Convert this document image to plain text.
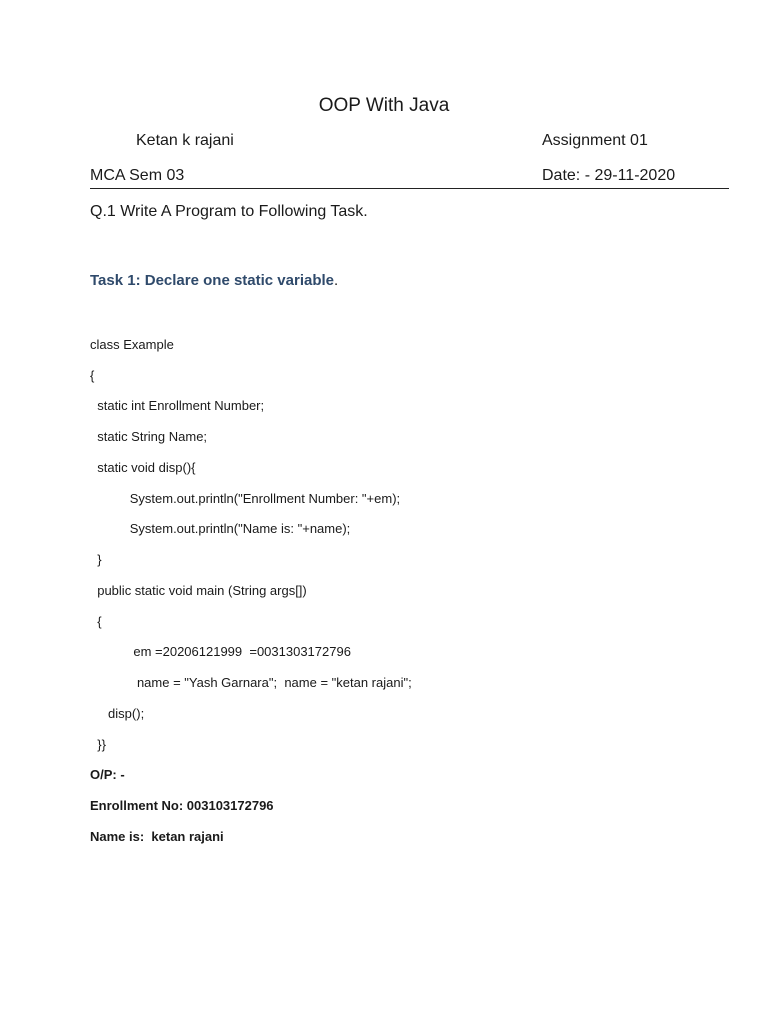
OOP With Java
Ketan k rajani	Assignment 01
MCA Sem 03	Date: - 29-11-2020
Q.1 Write A Program to Following Task.
Task 1: Declare one static variable.
class Example
{
static int Enrollment Number;
static String Name;
static void disp(){
System.out.println("Enrollment Number: "+em);
System.out.println("Name is: "+name);
}
public static void main (String args[])
{
em =20206121999  =0031303172796
name = "Yash Garnara";  name = "ketan rajani";
disp();
}}
O/P: -
Enrollment No: 003103172796
Name is:  ketan rajani
